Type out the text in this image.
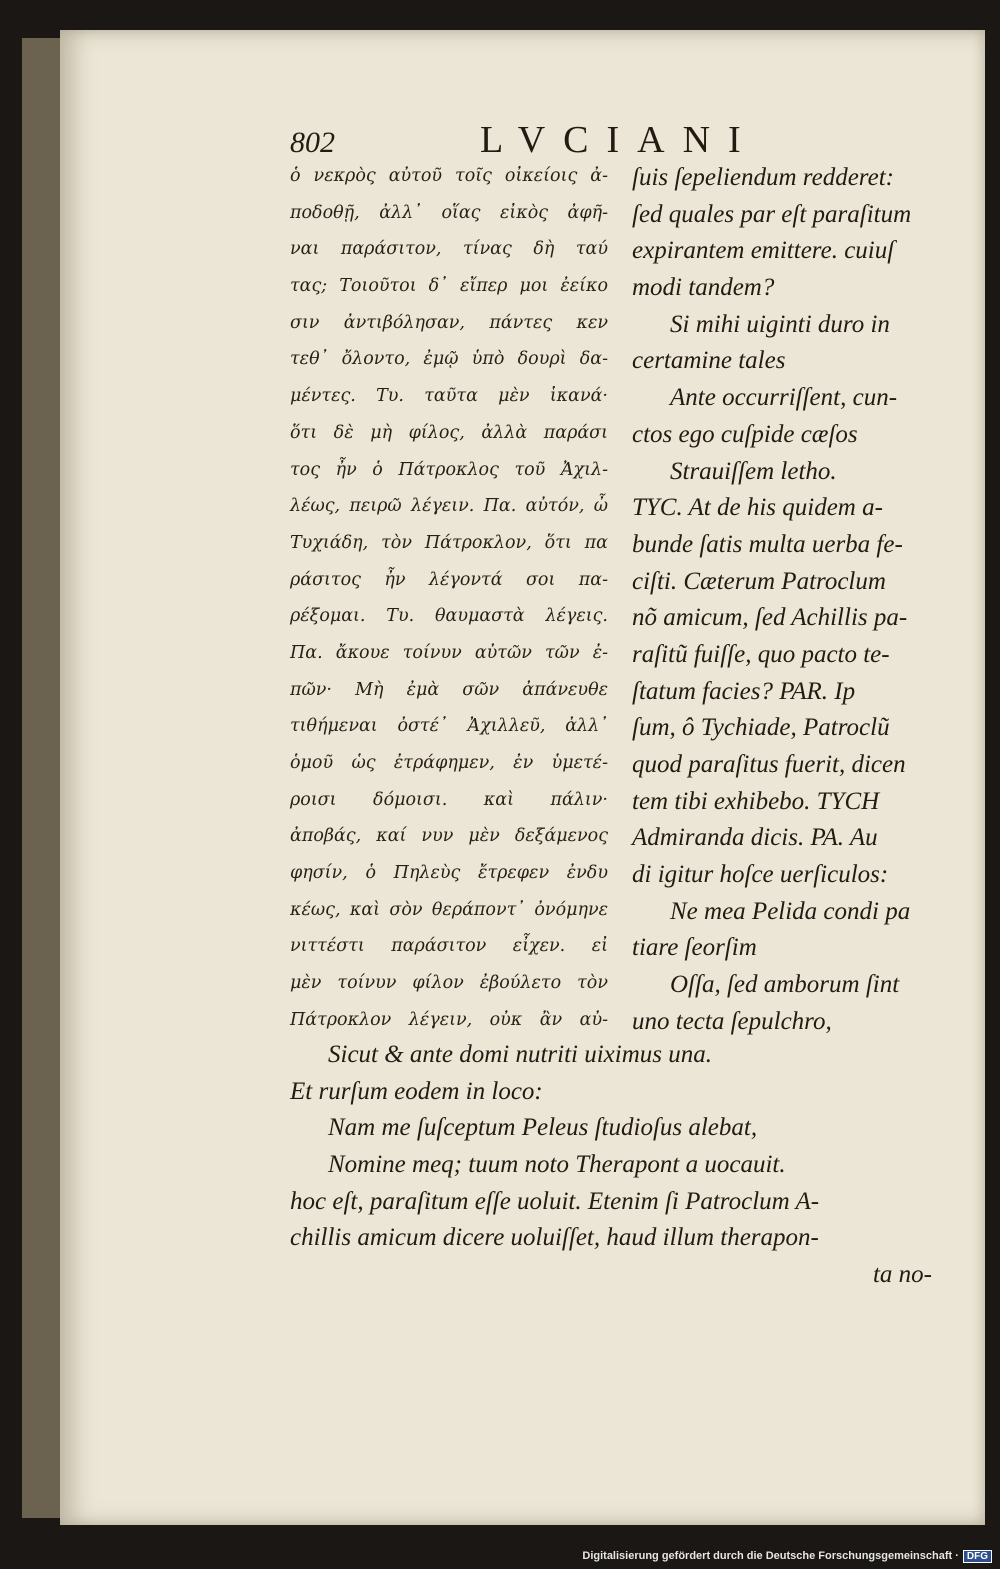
802	LVCIANI
ὁ νεκρὸς αὐτοῦ τοῖς οἰκείοις ἀ-
ποδοθῇ, ἀλλ᾽ οἵας εἰκὸς ἀφῆ-
ναι παράσιτον, τίνας δὴ ταύ
τας; Τοιοῦτοι δ᾽ εἴπερ μοι ἐείκο
σιν ἀντιβόλησαν, πάντες κεν
τεθ᾽ ὄλοντο, ἐμῷ ὑπὸ δουρὶ δα-
μέντες. Τυ. ταῦτα μὲν ἱκανά·
ὅτι δὲ μὴ φίλος, ἀλλὰ παράσι
τος ἦν ὁ Πάτροκλος τοῦ Ἀχιλ-
λέως, πειρῶ λέγειν. Πα. αὐτόν, ὦ
Τυχιάδη, τὸν Πάτροκλον, ὅτι πα
ράσιτος ἦν λέγοντά σοι πα-
ρέξομαι. Τυ. θαυμαστὰ λέγεις.
Πα. ἄκουε τοίνυν αὐτῶν τῶν ἐ-
πῶν· Μὴ ἐμὰ σῶν ἀπάνευθε
τιθήμεναι ὀστέ᾽ Ἀχιλλεῦ, ἀλλ᾽
ὁμοῦ ὡς ἐτράφημεν, ἐν ὑμετέ-
ροισι δόμοισι. καὶ πάλιν·
ἀποβάς, καί νυν μὲν δεξάμενος
φησίν, ὁ Πηλεὺς ἔτρεφεν ἐνδυ
κέως, καὶ σὸν θεράποντ᾽ ὀνόμηνε
νιττέστι παράσιτον εἶχεν. εἰ
μὲν τοίνυν φίλον ἐβούλετο τὸν
Πάτροκλον λέγειν, οὐκ ἂν αὐ-
ſuis ſepeliendum redderet:
ſed quales par eſt paraſitum
expirantem emittere. cuiuſ
modi tandem?
Si mihi uiginti duro in
certamine tales
Ante occurriſſent, cun-
ctos ego cuſpide cæſos
Strauiſſem letho.
TYC. At de his quidem a-
bunde ſatis multa uerba fe-
ciſti. Cæterum Patroclum
nõ amicum, ſed Achillis pa-
raſitũ fuiſſe, quo pacto te-
ſtatum facies? PAR. Ip
ſum, ô Tychiade, Patroclũ
quod paraſitus fuerit, dicen
tem tibi exhibebo. TYCH
Admiranda dicis. PA. Au
di igitur hoſce uerſiculos:
Ne mea Pelida condi pa
tiare ſeorſim
Oſſa, ſed amborum ſint
uno tecta ſepulchro,
Sicut & ante domi nutriti uiximus una.
Et rurſum eodem in loco:
Nam me ſuſceptum Peleus ſtudioſus alebat,
Nomine meq; tuum noto Therapont a uocauit.
hoc eſt, paraſitum eſſe uoluit. Etenim ſi Patroclum A-
chillis amicum dicere uoluiſſet, haud illum therapon-
ta no-
Digitalisierung gefördert durch die Deutsche Forschungsgemeinschaft · DFG
